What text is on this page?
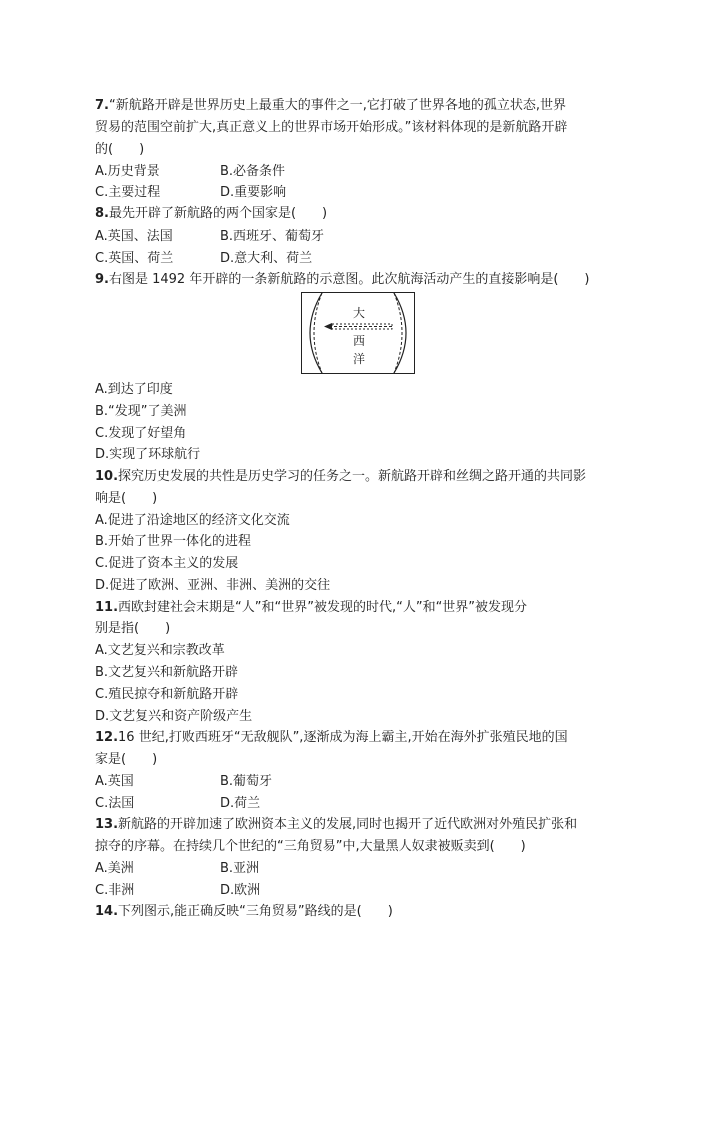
7.“新航路开辟是世界历史上最重大的事件之一,它打破了世界各地的孤立状态,世界
贸易的范围空前扩大,真正意义上的世界市场开始形成。”该材料体现的是新航路开辟
的(　　)
A.历史背景	B.必备条件
C.主要过程	D.重要影响
8.最先开辟了新航路的两个国家是(　　)
A.英国、法国	B.西班牙、葡萄牙
C.英国、荷兰	D.意大利、荷兰
9.右图是 1492 年开辟的一条新航路的示意图。此次航海活动产生的直接影响是(　　)
大
西
洋
A.到达了印度
B.“发现”了美洲
C.发现了好望角
D.实现了环球航行
10.探究历史发展的共性是历史学习的任务之一。新航路开辟和丝绸之路开通的共同影
响是(　　)
A.促进了沿途地区的经济文化交流
B.开始了世界一体化的进程
C.促进了资本主义的发展
D.促进了欧洲、亚洲、非洲、美洲的交往
11.西欧封建社会末期是“人”和“世界”被发现的时代,“人”和“世界”被发现分
别是指(　　)
A.文艺复兴和宗教改革
B.文艺复兴和新航路开辟
C.殖民掠夺和新航路开辟
D.文艺复兴和资产阶级产生
12.16 世纪,打败西班牙“无敌舰队”,逐渐成为海上霸主,开始在海外扩张殖民地的国
家是(　　)
A.英国	B.葡萄牙
C.法国	D.荷兰
13.新航路的开辟加速了欧洲资本主义的发展,同时也揭开了近代欧洲对外殖民扩张和
掠夺的序幕。在持续几个世纪的“三角贸易”中,大量黑人奴隶被贩卖到(　　)
A.美洲	B.亚洲
C.非洲	D.欧洲
14.下列图示,能正确反映“三角贸易”路线的是(　　)
